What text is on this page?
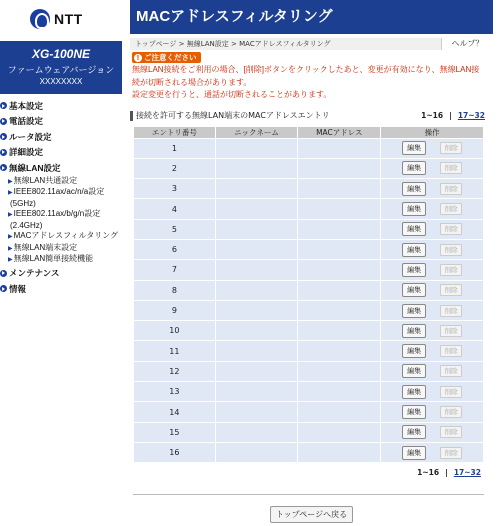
NTT
XG-100NE
ファームウェアバージョン
XXXXXXXX
基本設定
電話設定
ルータ設定
詳細設定
無線LAN設定
▶無線LAN共通設定
▶IEEE802.11ax/ac/n/a設定
(5GHz)
▶IEEE802.11ax/b/g/n設定
(2.4GHz)
▶MACアドレスフィルタリング
▶無線LAN端末設定
▶無線LAN簡単接続機能
メンテナンス
情報
MACアドレスフィルタリング
トップページ > 無線LAN設定 > MACアドレスフィルタリング	ヘルプ？
! ご注意ください
無線LAN接続をご利用の場合、[削除]ボタンをクリックしたあと、変更が有効になり、無線LAN接
続が切断される場合があります。
設定変更を行うと、通話が切断されることがあります。
接続を許可する無線LAN端末のMACアドレスエントリ	1~16 | 17~32
エントリ番号	ニックネーム	MACアドレス	操作
1			編集 削除
2			編集 削除
3			編集 削除
4			編集 削除
5			編集 削除
6			編集 削除
7			編集 削除
8			編集 削除
9			編集 削除
10			編集 削除
11			編集 削除
12			編集 削除
13			編集 削除
14			編集 削除
15			編集 削除
16			編集 削除
1~16 | 17~32
トップページへ戻る
